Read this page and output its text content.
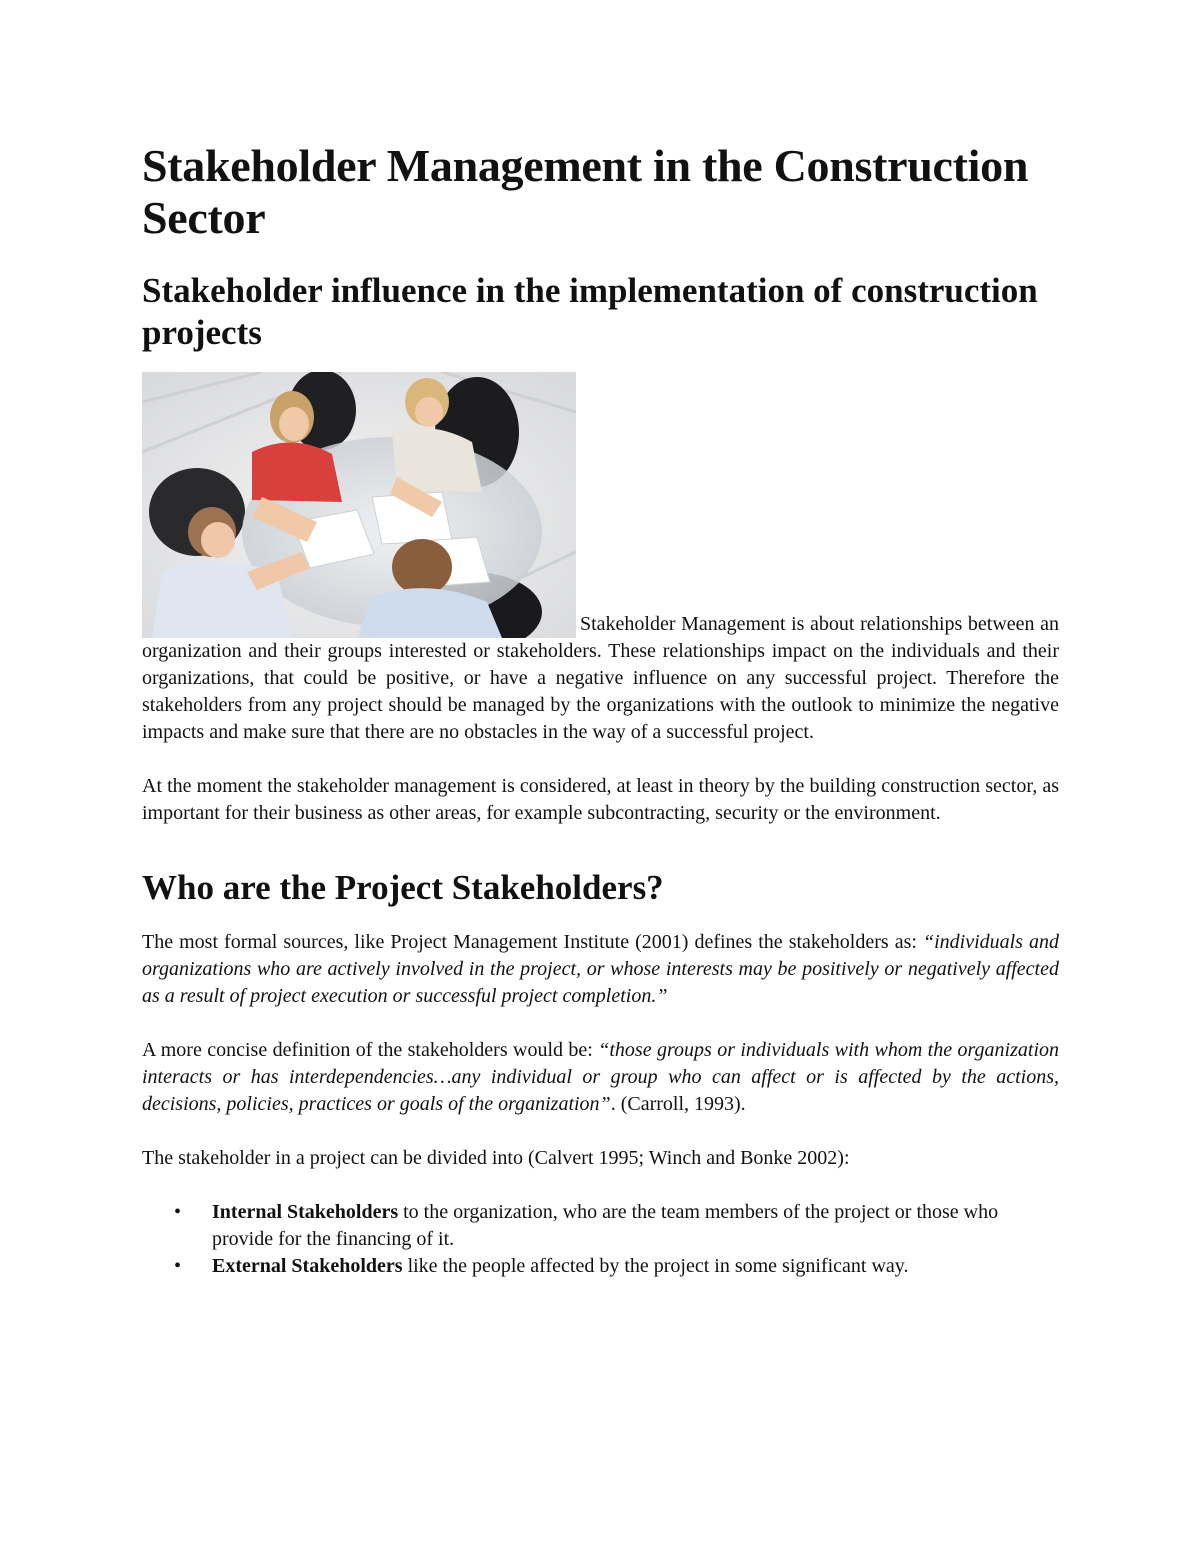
Stakeholder Management in the Construction Sector
Stakeholder influence in the implementation of construction projects

Stakeholder Management is about relationships between an organization and their groups interested or stakeholders. These relationships impact on the individuals and their organizations, that could be positive, or have a negative influence on any successful project. Therefore the stakeholders from any project should be managed by the organizations with the outlook to minimize the negative impacts and make sure that there are no obstacles in the way of a successful project.

At the moment the stakeholder management is considered, at least in theory by the building construction sector, as important for their business as other areas, for example subcontracting, security or the environment.

Who are the Project Stakeholders?

The most formal sources, like Project Management Institute (2001) defines the stakeholders as: “individuals and organizations who are actively involved in the project, or whose interests may be positively or negatively affected as a result of project execution or successful project completion.”

A more concise definition of the stakeholders would be: “those groups or individuals with whom the organization interacts or has interdependencies…any individual or group who can affect or is affected by the actions, decisions, policies, practices or goals of the organization”. (Carroll, 1993).

The stakeholder in a project can be divided into (Calvert 1995; Winch and Bonke 2002):

• Internal Stakeholders to the organization, who are the team members of the project or those who provide for the financing of it.
• External Stakeholders like the people affected by the project in some significant way.
